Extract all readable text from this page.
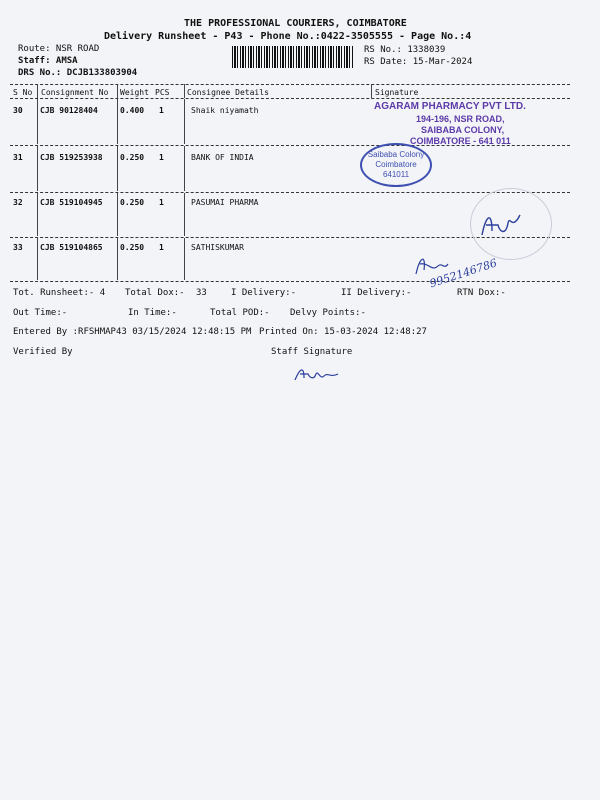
THE PROFESSIONAL COURIERS, COIMBATORE
Delivery Runsheet - P43 - Phone No.:0422-3505555 - Page No.:4
Route: NSR ROAD
Staff: AMSA
DRS No.: DCJB133803904
RS No.: 1338039
RS Date: 15-Mar-2024
S No Consignment No Weight PCS Consignee Details	Signature
30 CJB 90128404	0.400 1	Shaik niyamath
31 CJB 519253938 0.250 1	BANK OF INDIA
32 CJB 519104945 0.250 1	PASUMAI PHARMA
33 CJB 519104865 0.250 1	SATHISKUMAR
Tot. Runsheet:- 4 Total Dox:- 33	I Delivery:-	II Delivery:-	RTN Dox:-
Out Time:-	In Time:-	Total POD:- Delvy Points:-
Entered By :RFSHMAP43 03/15/2024 12:48:15 PM Printed On: 15-03-2024 12:48:27
Verified By	Staff Signature
AGARAM PHARMACY PVT LTD.
194-196, NSR ROAD,
SAIBABA COLONY,
COIMBATORE - 641 011
Saibaba Colony
Coimbatore
641011
9952146786
